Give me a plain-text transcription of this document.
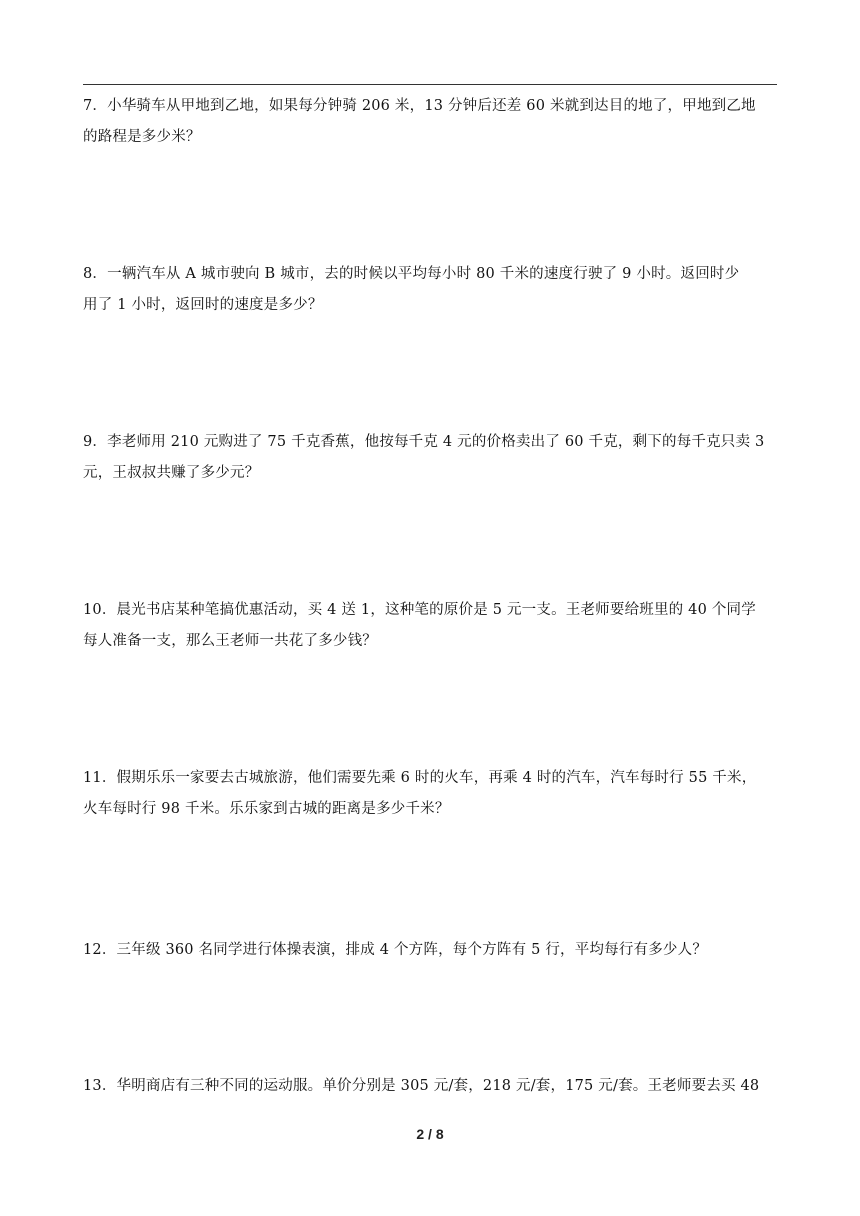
7．小华骑车从甲地到乙地，如果每分钟骑 206 米，13 分钟后还差 60 米就到达目的地了，甲地到乙地
的路程是多少米？
8．一辆汽车从 A 城市驶向 B 城市，去的时候以平均每小时 80 千米的速度行驶了 9 小时。返回时少
用了 1 小时，返回时的速度是多少？
9．李老师用 210 元购进了 75 千克香蕉，他按每千克 4 元的价格卖出了 60 千克，剩下的每千克只卖 3
元，王叔叔共赚了多少元？
10．晨光书店某种笔搞优惠活动，买 4 送 1，这种笔的原价是 5 元一支。王老师要给班里的 40 个同学
每人准备一支，那么王老师一共花了多少钱？
11．假期乐乐一家要去古城旅游，他们需要先乘 6 时的火车，再乘 4 时的汽车，汽车每时行 55 千米，
火车每时行 98 千米。乐乐家到古城的距离是多少千米？
12．三年级 360 名同学进行体操表演，排成 4 个方阵，每个方阵有 5 行，平均每行有多少人？
13．华明商店有三种不同的运动服。单价分别是 305 元/套，218 元/套，175 元/套。王老师要去买 48
2 / 8
